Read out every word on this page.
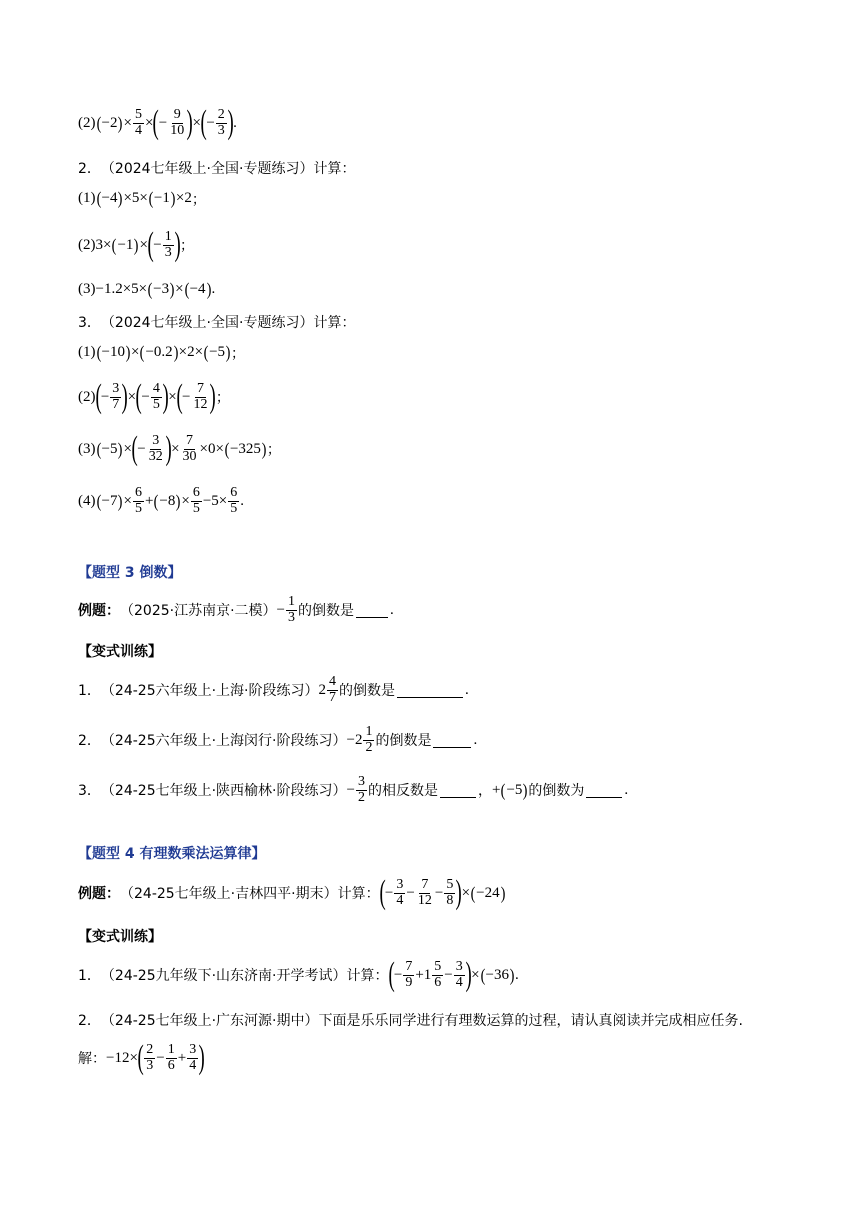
(2) ( −2 ) × $\frac{5}{4}$ × ( − $\frac{9}{10}$ ) × ( − $\frac{2}{3}$ ) .
2． （2024七年级上·全国·专题练习）计算：
(1) ( −4 ) ×5× ( −1 ) ×2 ；
(2) 3× ( −1 ) × ( − $\frac{1}{3}$ ) ；
(3) −1.2×5× ( −3 ) × ( −4 ) .
3． （2024七年级上·全国·专题练习）计算：
(1) ( −10 ) × ( −0.2 ) ×2× ( −5 ) ；
(2) ( − $\frac{3}{7}$ ) × ( − $\frac{4}{5}$ ) × ( − $\frac{7}{12}$ ) ；
(3) ( −5 ) × ( − $\frac{3}{32}$ ) × $\frac{7}{30} \times 0\times$ ( −325 ) ；
(4) ( −7 ) × $\frac{6}{5}$ + ( −8 ) × $\frac{6}{5} -5\times \frac{6}{5}$ .
【题型 3 倒数】
例题： （2025·江苏南京·二模） − $\frac{1}{3}$ 的倒数是 .
【变式训练】
1． （24-25六年级上·上海·阶段练习） $2 \frac{4}{7}$ 的倒数是	.
2． （24-25六年级上·上海闵行·阶段练习） $-2 \frac{1}{2}$ 的倒数是	.
3． （24-25七年级上·陕西榆林·阶段练习） − $\frac{3}{2}$ 的相反数是	， + ( −5 ) 的倒数为	.
【题型 4 有理数乘法运算律】
例题： （24-25七年级上·吉林四平·期末）计算： ( − $\frac{3}{4} - \frac{7}{12} - \frac{5}{8}$ ) × ( −24 )
【变式训练】
1． （24-25九年级下·山东济南·开学考试）计算： ( − $\frac{7}{9} +1 \frac{5}{6} - \frac{3}{4}$ ) × ( −36 ) .
2． （24-25七年级上·广东河源·期中）下面是乐乐同学进行有理数运算的过程，请认真阅读并完成相应任务.
解： −12× ( $\frac{2}{3} - \frac{1}{6} + \frac{3}{4}$ )
